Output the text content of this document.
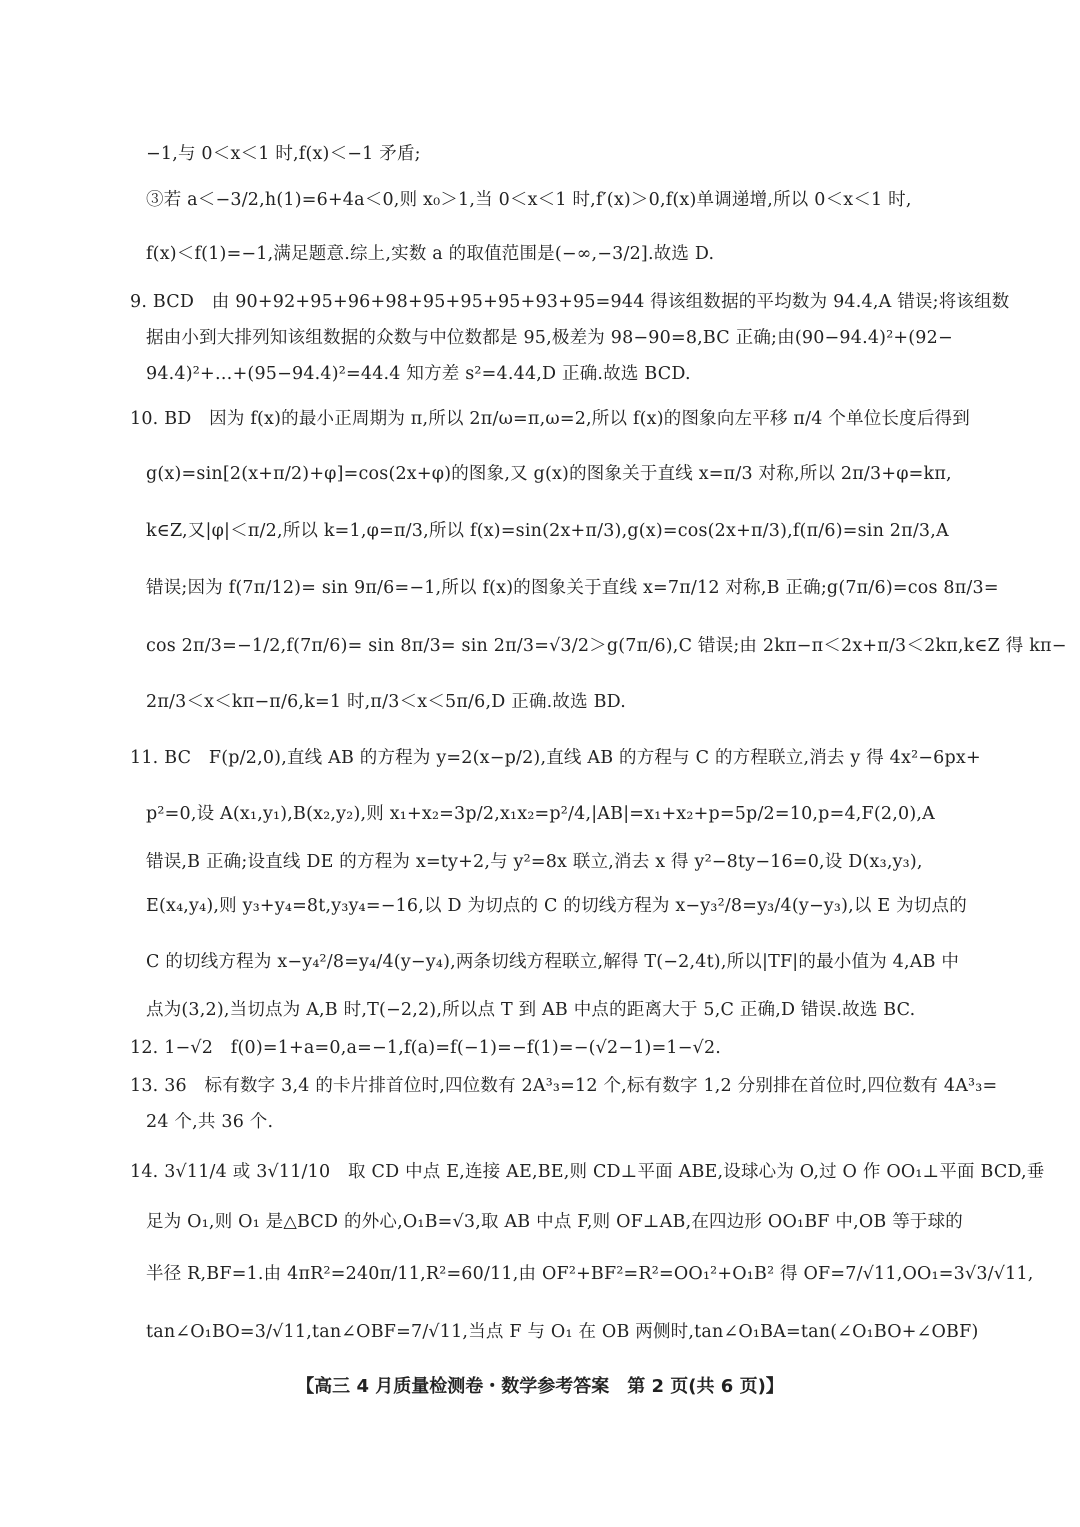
−1,与 0＜x＜1 时,f(x)＜−1 矛盾;
③若 a＜−3/2,h(1)=6+4a＜0,则 x₀＞1,当 0＜x＜1 时,f′(x)＞0,f(x)单调递增,所以 0＜x＜1 时,
f(x)＜f(1)=−1,满足题意.综上,实数 a 的取值范围是(−∞,−3/2].故选 D.
9. BCD　由 90+92+95+96+98+95+95+95+93+95=944 得该组数据的平均数为 94.4,A 错误;将该组数
据由小到大排列知该组数据的众数与中位数都是 95,极差为 98−90=8,BC 正确;由(90−94.4)²+(92−
94.4)²+…+(95−94.4)²=44.4 知方差 s²=4.44,D 正确.故选 BCD.
10. BD　因为 f(x)的最小正周期为 π,所以 2π/ω=π,ω=2,所以 f(x)的图象向左平移 π/4 个单位长度后得到
g(x)=sin[2(x+π/2)+φ]=cos(2x+φ)的图象,又 g(x)的图象关于直线 x=π/3 对称,所以 2π/3+φ=kπ,
k∈Z,又|φ|＜π/2,所以 k=1,φ=π/3,所以 f(x)=sin(2x+π/3),g(x)=cos(2x+π/3),f(π/6)=sin 2π/3,A
错误;因为 f(7π/12)= sin 9π/6=−1,所以 f(x)的图象关于直线 x=7π/12 对称,B 正确;g(7π/6)=cos 8π/3=
cos 2π/3=−1/2,f(7π/6)= sin 8π/3= sin 2π/3=√3/2＞g(7π/6),C 错误;由 2kπ−π＜2x+π/3＜2kπ,k∈Z 得 kπ−
2π/3＜x＜kπ−π/6,k=1 时,π/3＜x＜5π/6,D 正确.故选 BD.
11. BC　F(p/2,0),直线 AB 的方程为 y=2(x−p/2),直线 AB 的方程与 C 的方程联立,消去 y 得 4x²−6px+
p²=0,设 A(x₁,y₁),B(x₂,y₂),则 x₁+x₂=3p/2,x₁x₂=p²/4,|AB|=x₁+x₂+p=5p/2=10,p=4,F(2,0),A
错误,B 正确;设直线 DE 的方程为 x=ty+2,与 y²=8x 联立,消去 x 得 y²−8ty−16=0,设 D(x₃,y₃),
E(x₄,y₄),则 y₃+y₄=8t,y₃y₄=−16,以 D 为切点的 C 的切线方程为 x−y₃²/8=y₃/4(y−y₃),以 E 为切点的
C 的切线方程为 x−y₄²/8=y₄/4(y−y₄),两条切线方程联立,解得 T(−2,4t),所以|TF|的最小值为 4,AB 中
点为(3,2),当切点为 A,B 时,T(−2,2),所以点 T 到 AB 中点的距离大于 5,C 正确,D 错误.故选 BC.
12. 1−√2　f(0)=1+a=0,a=−1,f(a)=f(−1)=−f(1)=−(√2−1)=1−√2.
13. 36　标有数字 3,4 的卡片排首位时,四位数有 2A³₃=12 个,标有数字 1,2 分别排在首位时,四位数有 4A³₃=
24 个,共 36 个.
14. 3√11/4 或 3√11/10　取 CD 中点 E,连接 AE,BE,则 CD⊥平面 ABE,设球心为 O,过 O 作 OO₁⊥平面 BCD,垂
足为 O₁,则 O₁ 是△BCD 的外心,O₁B=√3,取 AB 中点 F,则 OF⊥AB,在四边形 OO₁BF 中,OB 等于球的
半径 R,BF=1.由 4πR²=240π/11,R²=60/11,由 OF²+BF²=R²=OO₁²+O₁B² 得 OF=7/√11,OO₁=3√3/√11,
tan∠O₁BO=3/√11,tan∠OBF=7/√11,当点 F 与 O₁ 在 OB 两侧时,tan∠O₁BA=tan(∠O₁BO+∠OBF)
【高三 4 月质量检测卷・数学参考答案　第 2 页(共 6 页)】
